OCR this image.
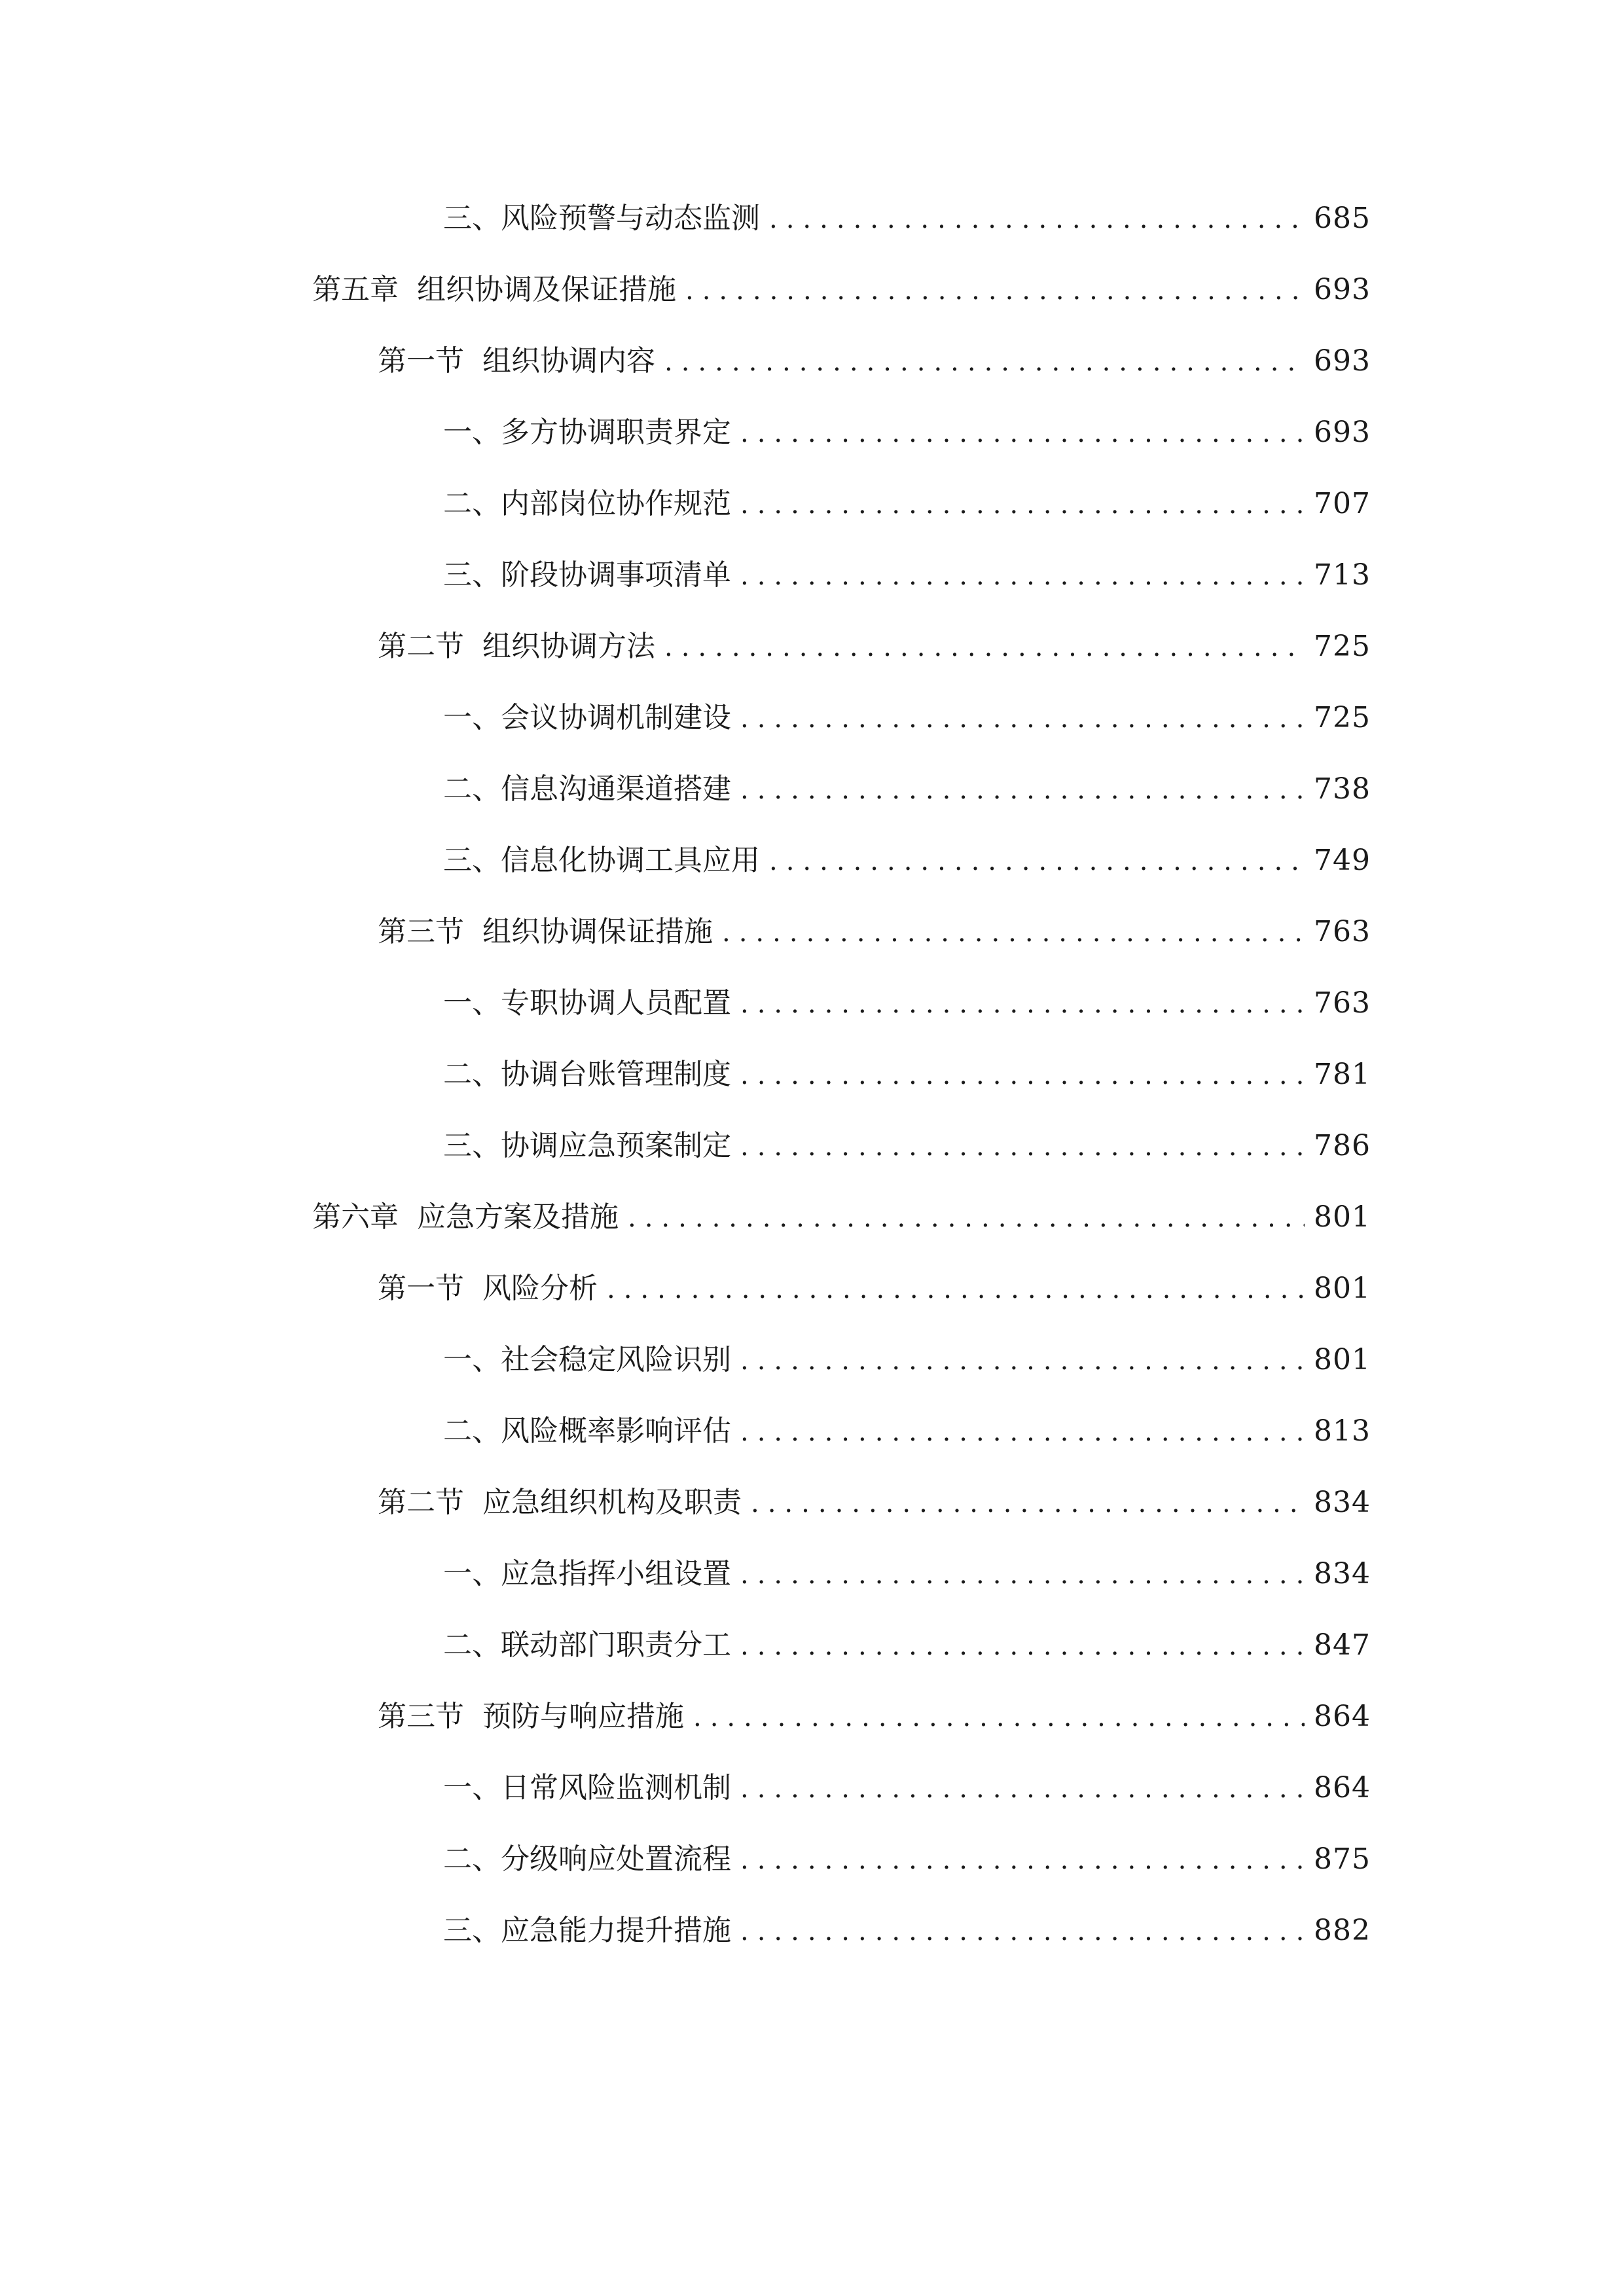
三、 风险预警与动态监测 .....	685
第五章 组织协调及保证措施 .....	693
第一节 组织协调内容 .....	693
一、 多方协调职责界定 .....	693
二、 内部岗位协作规范 .....	707
三、 阶段协调事项清单 .....	713
第二节 组织协调方法 .....	725
一、 会议协调机制建设 .....	725
二、 信息沟通渠道搭建 .....	738
三、 信息化协调工具应用 .....	749
第三节 组织协调保证措施 .....	763
一、 专职协调人员配置 .....	763
二、 协调台账管理制度 .....	781
三、 协调应急预案制定 .....	786
第六章 应急方案及措施 .....	801
第一节 风险分析 .....	801
一、 社会稳定风险识别 .....	801
二、 风险概率影响评估 .....	813
第二节 应急组织机构及职责 .....	834
一、 应急指挥小组设置 .....	834
二、 联动部门职责分工 .....	847
第三节 预防与响应措施 .....	864
一、 日常风险监测机制 .....	864
二、 分级响应处置流程 .....	875
三、 应急能力提升措施 .....	882
